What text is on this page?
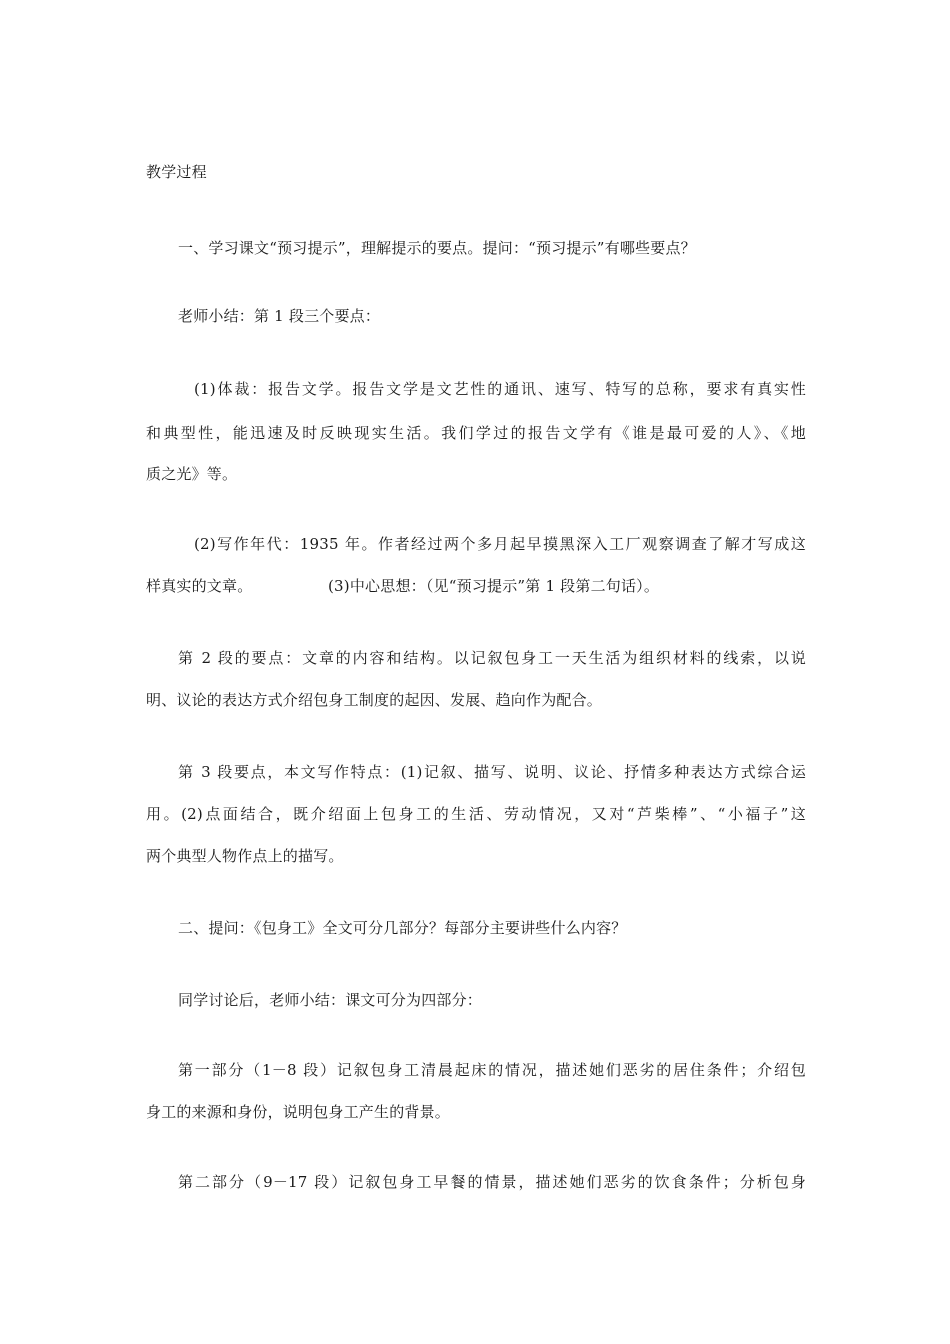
教学过程

一、学习课文“预习提示”，理解提示的要点。提问：“预习提示”有哪些要点？

老师小结：第 1 段三个要点：

(1)体裁：报告文学。报告文学是文艺性的通讯、速写、特写的总称，要求有真实性

和典型性，能迅速及时反映现实生活。我们学过的报告文学有《谁是最可爱的人》、《地

质之光》等。

(2)写作年代：1935 年。作者经过两个多月起早摸黑深入工厂观察调查了解才写成这

样真实的文章。	(3)中心思想：（见“预习提示”第 1 段第二句话）。

第 2 段的要点：文章的内容和结构。以记叙包身工一天生活为组织材料的线索，以说

明、议论的表达方式介绍包身工制度的起因、发展、趋向作为配合。

第 3 段要点，本文写作特点：(1)记叙、描写、说明、议论、抒情多种表达方式综合运

用。(2)点面结合，既介绍面上包身工的生活、劳动情况，又对“芦柴棒”、“小福子”这

两个典型人物作点上的描写。

二、提问：《包身工》全文可分几部分？每部分主要讲些什么内容？

同学讨论后，老师小结：课文可分为四部分：

第一部分（1－8 段）记叙包身工清晨起床的情况，描述她们恶劣的居住条件；介绍包

身工的来源和身份，说明包身工产生的背景。

第二部分（9－17 段）记叙包身工早餐的情景，描述她们恶劣的饮食条件；分析包身
